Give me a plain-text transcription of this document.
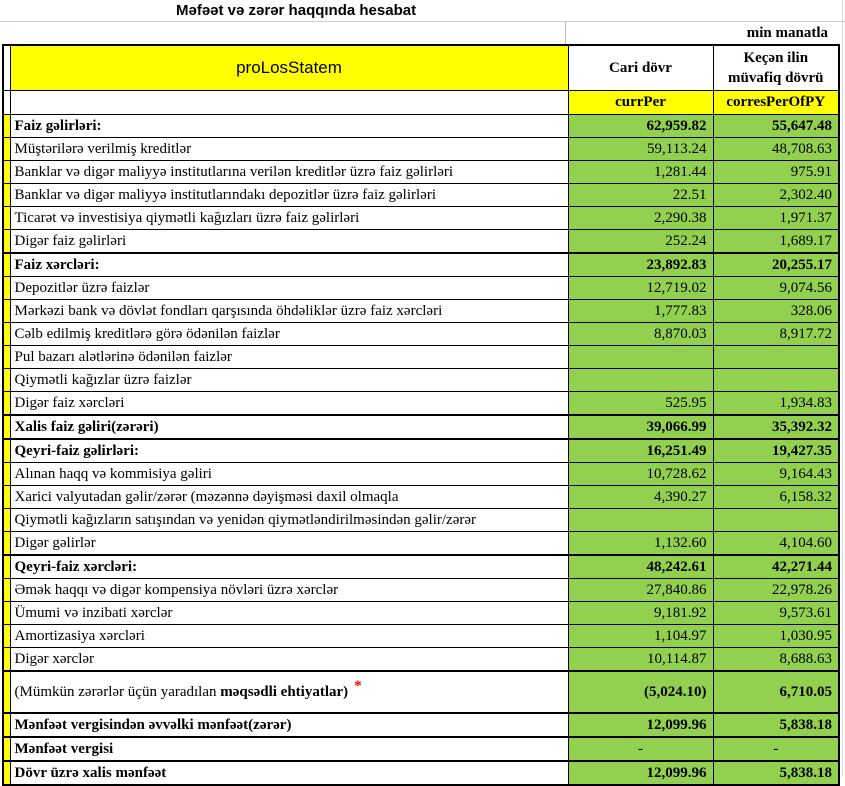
Məfəət və zərər haqqında hesabat
min manatla
	proLosStatem	Cari dövr	Keçən ilin müvafiq dövrü
		currPer	corresPerOfPY
	Faiz gəlirləri:	62,959.82	55,647.48
	Müştərilərə verilmiş kreditlər	59,113.24	48,708.63
	Banklar və digər maliyyə institutlarına verilən kreditlər üzrə faiz gəlirləri	1,281.44	975.91
	Banklar və digər maliyyə institutlarındakı depozitlər üzrə faiz gəlirləri	22.51	2,302.40
	Ticarət və investisiya qiymətli kağızları üzrə faiz gəlirləri	2,290.38	1,971.37
	Digər faiz gəlirləri	252.24	1,689.17
	Faiz xərcləri:	23,892.83	20,255.17
	Depozitlər üzrə faizlər	12,719.02	9,074.56
	Mərkəzi bank və dövlət fondları qarşısında öhdəliklər üzrə faiz xərcləri	1,777.83	328.06
	Cəlb edilmiş kreditlərə görə ödənilən faizlər	8,870.03	8,917.72
	Pul bazarı alətlərinə ödənilən faizlər		
	Qiymətli kağızlar üzrə faizlər		
	Digər faiz xərcləri	525.95	1,934.83
	Xalis faiz gəliri(zərəri)	39,066.99	35,392.32
	Qeyri-faiz gəlirləri:	16,251.49	19,427.35
	Alınan haqq və kommisiya gəliri	10,728.62	9,164.43
	Xarici valyutadan gəlir/zərər (məzənnə dəyişməsi daxil olmaqla	4,390.27	6,158.32
	Qiymətli kağızların satışından və yenidən qiymətləndirilməsindən gəlir/zərər		
	Digər gəlirlər	1,132.60	4,104.60
	Qeyri-faiz xərcləri:	48,242.61	42,271.44
	Əmək haqqı və digər kompensiya növləri üzrə xərclər	27,840.86	22,978.26
	Ümumi və inzibati xərclər	9,181.92	9,573.61
	Amortizasiya xərcləri	1,104.97	1,030.95
	Digər xərclər	10,114.87	8,688.63
	(Mümkün zərərlər üçün yaradılan məqsədli ehtiyatlar) *	(5,024.10)	6,710.05
	Mənfəət vergisindən əvvəlki mənfəət(zərər)	12,099.96	5,838.18
	Mənfəət vergisi	-	-
	Dövr üzrə xalis mənfəət	12,099.96	5,838.18
